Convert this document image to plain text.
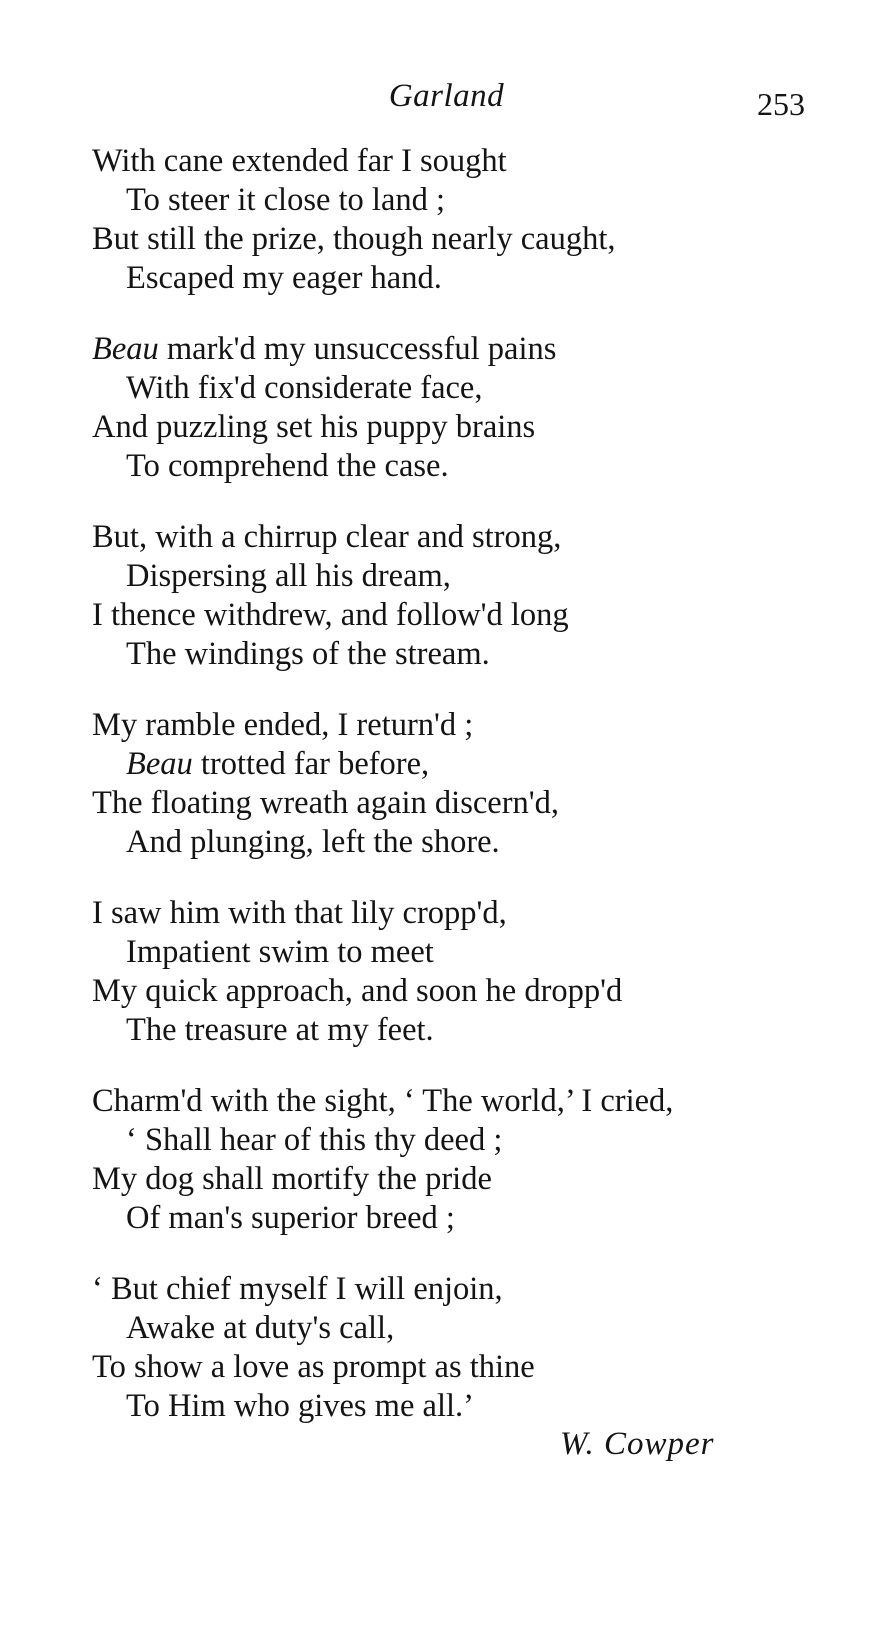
Garland	253
With cane extended far I sought
To steer it close to land ;
But still the prize, though nearly caught,
Escaped my eager hand.
Beau mark'd my unsuccessful pains
With fix'd considerate face,
And puzzling set his puppy brains
To comprehend the case.
But, with a chirrup clear and strong,
Dispersing all his dream,
I thence withdrew, and follow'd long
The windings of the stream.
My ramble ended, I return'd ;
Beau trotted far before,
The floating wreath again discern'd,
And plunging, left the shore.
I saw him with that lily cropp'd,
Impatient swim to meet
My quick approach, and soon he dropp'd
The treasure at my feet.
Charm'd with the sight, ‘ The world,’ I cried,
‘ Shall hear of this thy deed ;
My dog shall mortify the pride
Of man's superior breed ;
‘ But chief myself I will enjoin,
Awake at duty's call,
To show a love as prompt as thine
To Him who gives me all.’
W. Cowper
